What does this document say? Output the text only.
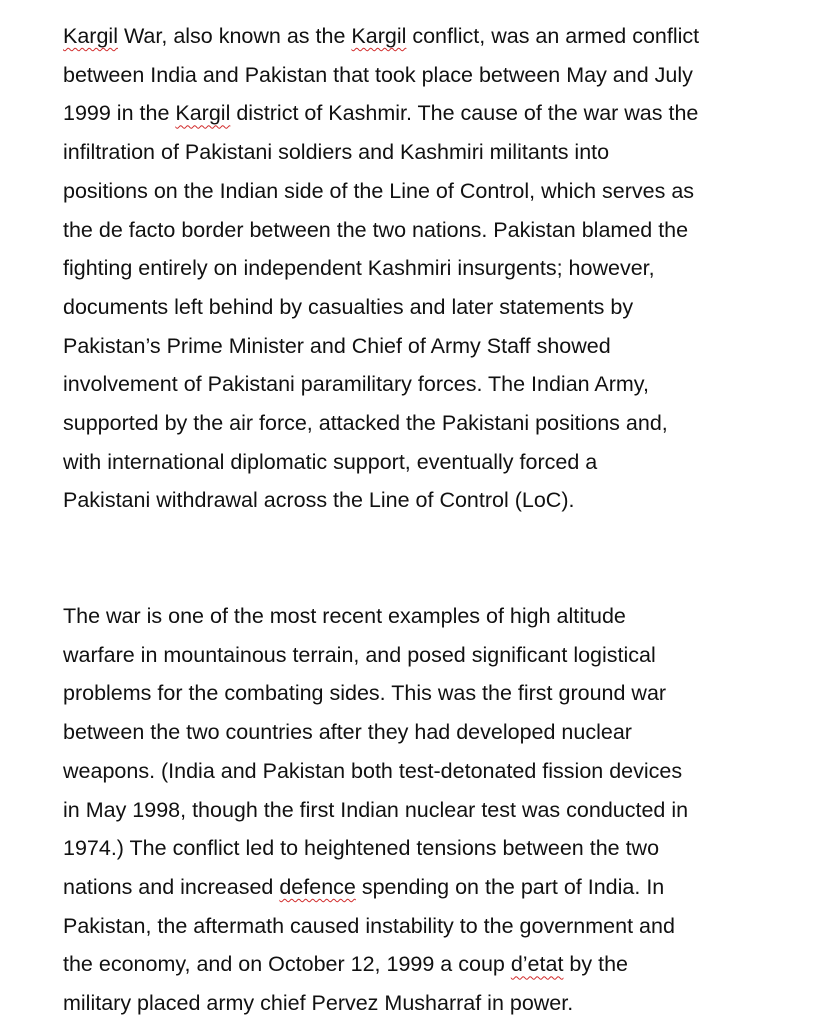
Kargil War, also known as the Kargil conflict, was an armed conflict
between India and Pakistan that took place between May and July
1999 in the Kargil district of Kashmir. The cause of the war was the
infiltration of Pakistani soldiers and Kashmiri militants into
positions on the Indian side of the Line of Control, which serves as
the de facto border between the two nations. Pakistan blamed the
fighting entirely on independent Kashmiri insurgents; however,
documents left behind by casualties and later statements by
Pakistan’s Prime Minister and Chief of Army Staff showed
involvement of Pakistani paramilitary forces. The Indian Army,
supported by the air force, attacked the Pakistani positions and,
with international diplomatic support, eventually forced a
Pakistani withdrawal across the Line of Control (LoC).

The war is one of the most recent examples of high altitude
warfare in mountainous terrain, and posed significant logistical
problems for the combating sides. This was the first ground war
between the two countries after they had developed nuclear
weapons. (India and Pakistan both test-detonated fission devices
in May 1998, though the first Indian nuclear test was conducted in
1974.) The conflict led to heightened tensions between the two
nations and increased defence spending on the part of India. In
Pakistan, the aftermath caused instability to the government and
the economy, and on October 12, 1999 a coup d’etat by the
military placed army chief Pervez Musharraf in power.
